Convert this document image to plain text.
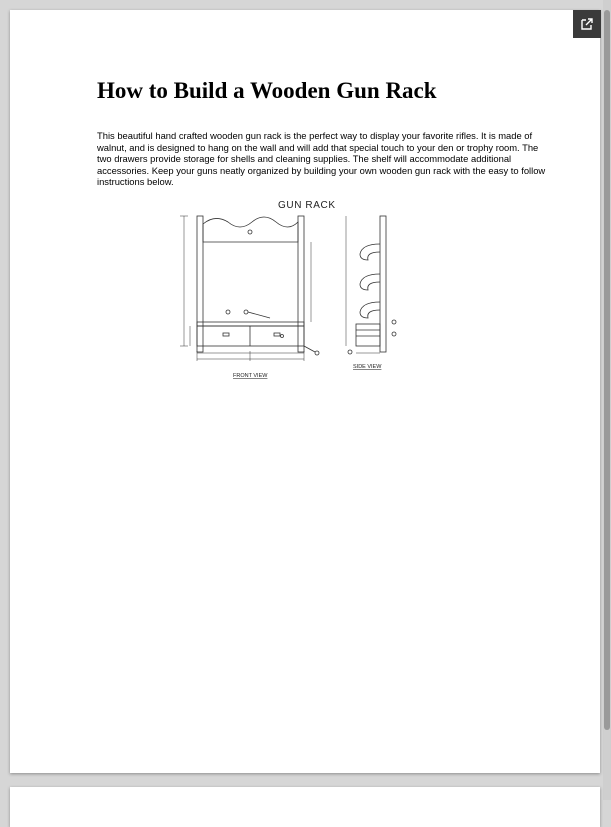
How to Build a Wooden Gun Rack

This beautiful hand crafted wooden gun rack is the perfect way to display your favorite rifles. It is made of walnut, and is designed to hang on the wall and will add that special touch to your den or trophy room. The two drawers provide storage for shells and cleaning supplies. The shelf will accommodate additional accessories. Keep your guns neatly organized by building your own wooden gun rack with the easy to follow instructions below.

GUN RACK
FRONT VIEW
SIDE VIEW
